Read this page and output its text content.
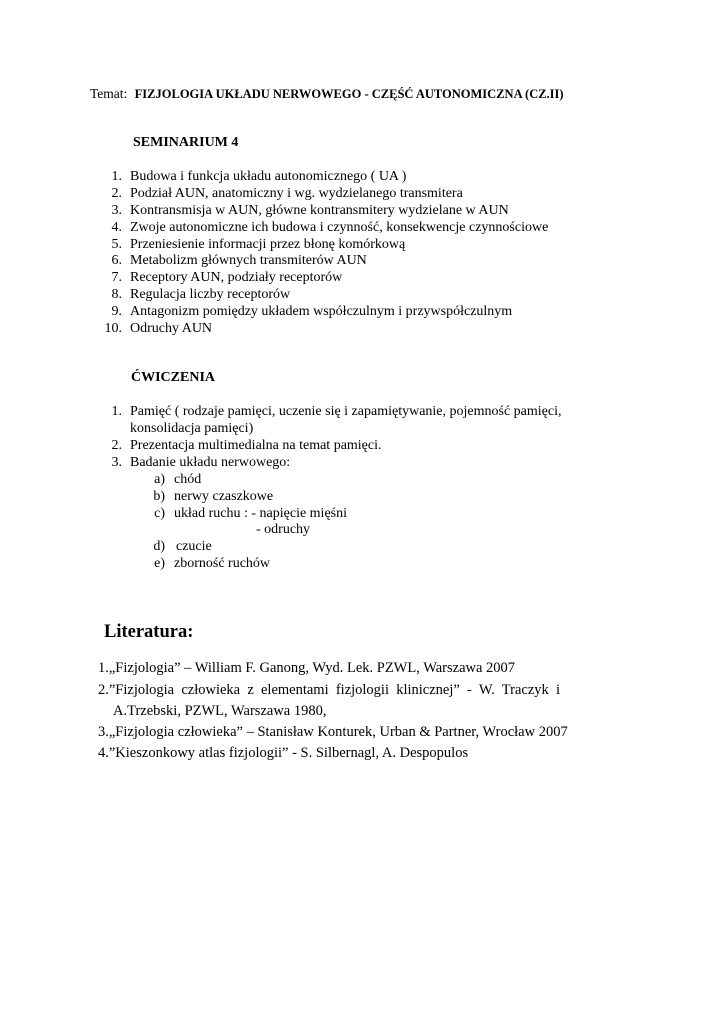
Temat: FIZJOLOGIA UKŁADU NERWOWEGO - CZĘŚĆ AUTONOMICZNA (CZ.II)
SEMINARIUM 4
1. Budowa i funkcja układu autonomicznego ( UA )
2. Podział AUN, anatomiczny i wg. wydzielanego transmitera
3. Kontransmisja w AUN, główne kontransmitery wydzielane w AUN
4. Zwoje autonomiczne ich budowa i czynność, konsekwencje czynnościowe
5. Przeniesienie informacji przez błonę komórkową
6. Metabolizm głównych transmiterów AUN
7. Receptory AUN, podziały receptorów
8. Regulacja liczby receptorów
9. Antagonizm pomiędzy układem współczulnym i przywspółczulnym
10. Odruchy AUN
ĆWICZENIA
1. Pamięć ( rodzaje pamięci, uczenie się i zapamiętywanie, pojemność pamięci,
konsolidacja pamięci)
2. Prezentacja multimedialna na temat pamięci.
3. Badanie układu nerwowego:
a) chód
b) nerwy czaszkowe
c) układ ruchu : - napięcie mięśni
- odruchy
d) czucie
e) zborność ruchów
Literatura:
1.„Fizjologia” – William F. Ganong, Wyd. Lek. PZWL, Warszawa 2007
2.”Fizjologia człowieka z elementami fizjologii klinicznej” - W. Traczyk i
A.Trzebski, PZWL, Warszawa 1980,
3.„Fizjologia człowieka” – Stanisław Konturek, Urban & Partner, Wrocław 2007
4.”Kieszonkowy atlas fizjologii” - S. Silbernagl, A. Despopulos
